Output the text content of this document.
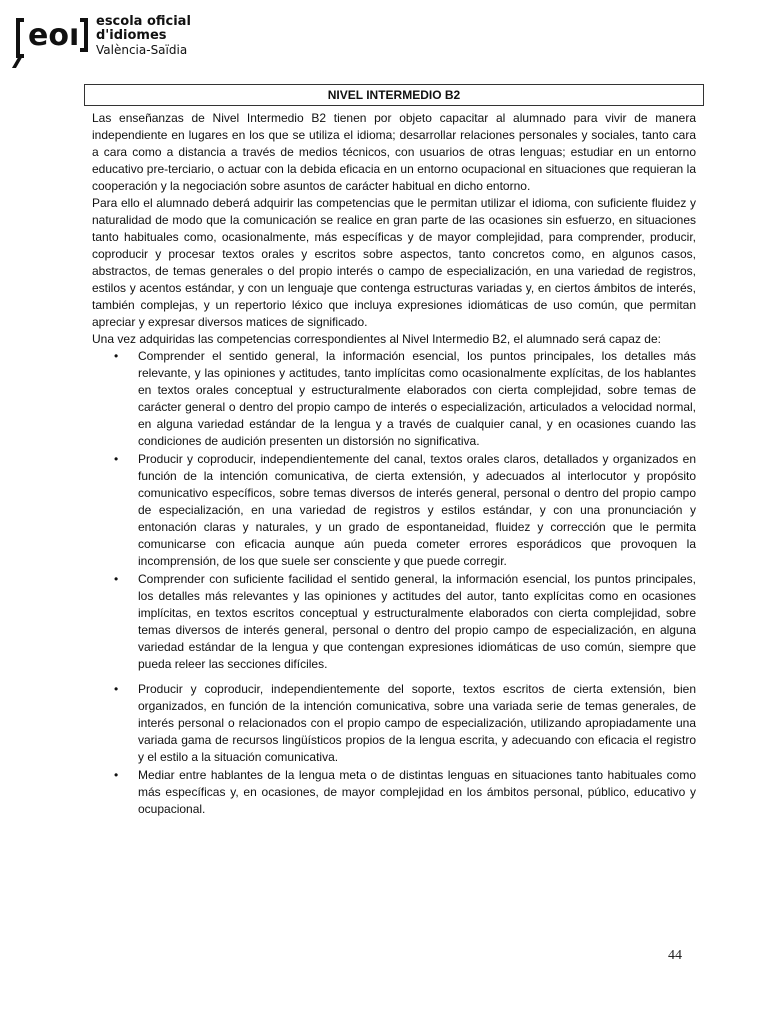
eoı escola oficial
d'idiomes
València-Saïdia
NIVEL INTERMEDIO B2

Las enseñanzas de Nivel Intermedio B2 tienen por objeto capacitar al alumnado para vivir de manera independiente en lugares en los que se utiliza el idioma; desarrollar relaciones personales y sociales, tanto cara a cara como a distancia a través de medios técnicos, con usuarios de otras lenguas; estudiar en un entorno educativo pre-terciario, o actuar con la debida eficacia en un entorno ocupacional en situaciones que requieran la cooperación y la negociación sobre asuntos de carácter habitual en dicho entorno.

Para ello el alumnado deberá adquirir las competencias que le permitan utilizar el idioma, con suficiente fluidez y naturalidad de modo que la comunicación se realice en gran parte de las ocasiones sin esfuerzo, en situaciones tanto habituales como, ocasionalmente, más específicas y de mayor complejidad, para comprender, producir, coproducir y procesar textos orales y escritos sobre aspectos, tanto concretos como, en algunos casos, abstractos, de temas generales o del propio interés o campo de especialización, en una variedad de registros, estilos y acentos estándar, y con un lenguaje que contenga estructuras variadas y, en ciertos ámbitos de interés, también complejas, y un repertorio léxico que incluya expresiones idiomáticas de uso común, que permitan apreciar y expresar diversos matices de significado.

Una vez adquiridas las competencias correspondientes al Nivel Intermedio B2, el alumnado será capaz de:

• Comprender el sentido general, la información esencial, los puntos principales, los detalles más relevante, y las opiniones y actitudes, tanto implícitas como ocasionalmente explícitas, de los hablantes en textos orales conceptual y estructuralmente elaborados con cierta complejidad, sobre temas de carácter general o dentro del propio campo de interés o especialización, articulados a velocidad normal, en alguna variedad estándar de la lengua y a través de cualquier canal, y en ocasiones cuando las condiciones de audición presenten un distorsión no significativa.
• Producir y coproducir, independientemente del canal, textos orales claros, detallados y organizados en función de la intención comunicativa, de cierta extensión, y adecuados al interlocutor y propósito comunicativo específicos, sobre temas diversos de interés general, personal o dentro del propio campo de especialización, en una variedad de registros y estilos estándar, y con una pronunciación y entonación claras y naturales, y un grado de espontaneidad, fluidez y corrección que le permita comunicarse con eficacia aunque aún pueda cometer errores esporádicos que provoquen la incomprensión, de los que suele ser consciente y que puede corregir.
• Comprender con suficiente facilidad el sentido general, la información esencial, los puntos principales, los detalles más relevantes y las opiniones y actitudes del autor, tanto explícitas como en ocasiones implícitas, en textos escritos conceptual y estructuralmente elaborados con cierta complejidad, sobre temas diversos de interés general, personal o dentro del propio campo de especialización, en alguna variedad estándar de la lengua y que contengan expresiones idiomáticas de uso común, siempre que pueda releer las secciones difíciles.
• Producir y coproducir, independientemente del soporte, textos escritos de cierta extensión, bien organizados, en función de la intención comunicativa, sobre una variada serie de temas generales, de interés personal o relacionados con el propio campo de especialización, utilizando apropiadamente una variada gama de recursos lingüísticos propios de la lengua escrita, y adecuando con eficacia el registro y el estilo a la situación comunicativa.
• Mediar entre hablantes de la lengua meta o de distintas lenguas en situaciones tanto habituales como más específicas y, en ocasiones, de mayor complejidad en los ámbitos personal, público, educativo y ocupacional.
44
